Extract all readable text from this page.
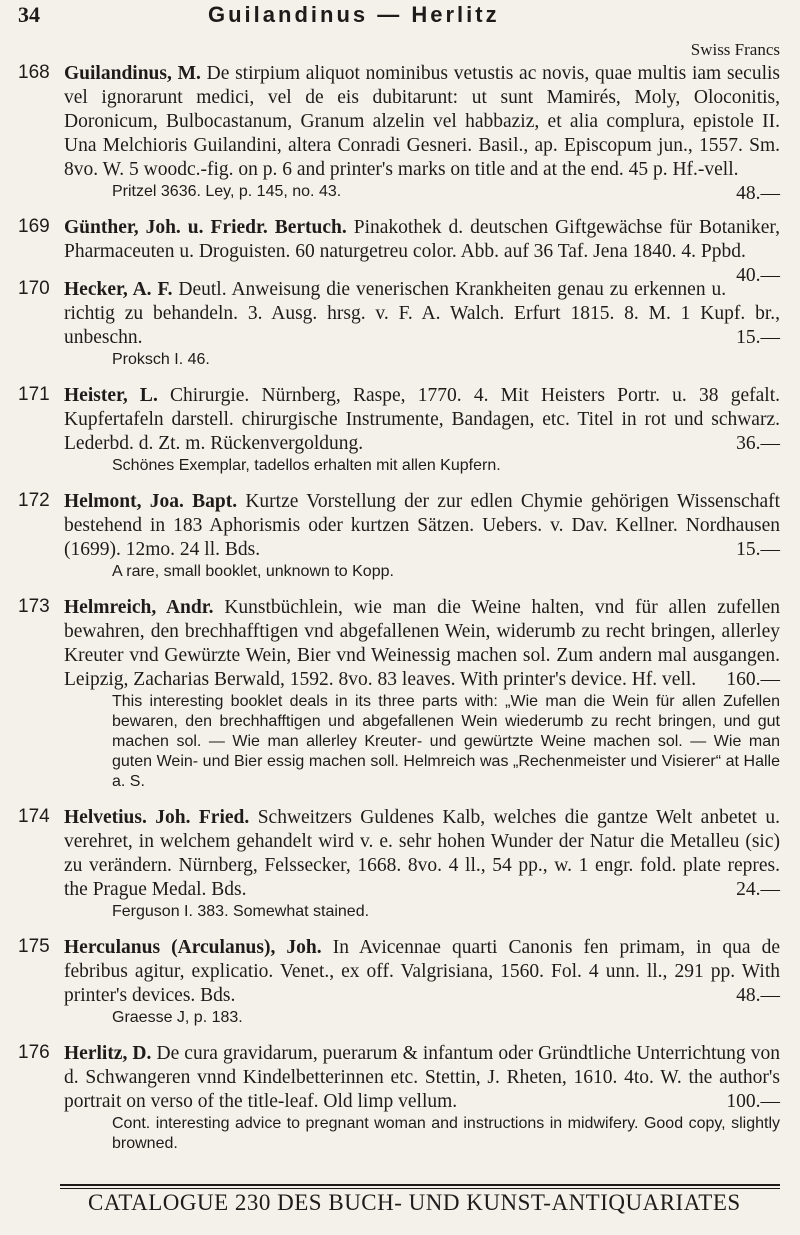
34	Guilandinus — Herlitz
Swiss Francs
168 Guilandinus, M. De stirpium aliquot nominibus vetustis ac novis, quae multis iam seculis vel ignorarunt medici, vel de eis dubitarunt: ut sunt Mamirés, Moly, Oloconitis, Doronicum, Bulbocastanum, Granum alzelin vel habbaziz, et alia complura, epistole II. Una Melchioris Guilandini, altera Conradi Gesneri. Basil., ap. Episcopum jun., 1557. Sm. 8vo. W. 5 woodc.-fig. on p. 6 and printer's marks on title and at the end. 45 p. Hf.-vell.
48.—
Pritzel 3636. Ley, p. 145, no. 43.
169 Günther, Joh. u. Friedr. Bertuch. Pinakothek d. deutschen Giftgewächse für Botaniker, Pharmaceuten u. Droguisten. 60 naturgetreu color. Abb. auf 36 Taf. Jena 1840. 4. Ppbd.
40.—
170 Hecker, A. F. Deutl. Anweisung die venerischen Krankheiten genau zu erkennen u. richtig zu behandeln. 3. Ausg. hrsg. v. F. A. Walch. Erfurt 1815. 8. M. 1 Kupf. br., unbeschn.	15.—
Proksch I. 46.
171 Heister, L. Chirurgie. Nürnberg, Raspe, 1770. 4. Mit Heisters Portr. u. 38 gefalt. Kupfertafeln darstell. chirurgische Instrumente, Bandagen, etc. Titel in rot und schwarz. Lederbd. d. Zt. m. Rückenvergoldung.	36.—
Schönes Exemplar, tadellos erhalten mit allen Kupfern.
172 Helmont, Joa. Bapt. Kurtze Vorstellung der zur edlen Chymie gehörigen Wissenschaft bestehend in 183 Aphorismis oder kurtzen Sätzen. Uebers. v. Dav. Kellner. Nordhausen (1699). 12mo. 24 ll. Bds.	15.—
A rare, small booklet, unknown to Kopp.
173 Helmreich, Andr. Kunstbüchlein, wie man die Weine halten, vnd für allen zufellen bewahren, den brechhafftigen vnd abgefallenen Wein, widerumb zu recht bringen, allerley Kreuter vnd Gewürzte Wein, Bier vnd Weinessig machen sol. Zum andern mal ausgangen. Leipzig, Zacharias Berwald, 1592. 8vo. 83 leaves. With printer's device. Hf. vell. 160.—
This interesting booklet deals in its three parts with: „Wie man die Wein für allen Zufellen bewaren, den brechhafftigen und abgefallenen Wein wiederumb zu recht bringen, und gut machen sol. — Wie man allerley Kreuter- und gewürtzte Weine machen sol. — Wie man guten Wein- und Bier essig machen soll. Helmreich was „Rechenmeister und Visierer“ at Halle a. S.
174 Helvetius. Joh. Fried. Schweitzers Guldenes Kalb, welches die gantze Welt anbetet u. verehret, in welchem gehandelt wird v. e. sehr hohen Wunder der Natur die Metalleu (sic) zu verändern. Nürnberg, Felssecker, 1668. 8vo. 4 ll., 54 pp., w. 1 engr. fold. plate repres. the Prague Medal. Bds.	24.—
Ferguson I. 383. Somewhat stained.
175 Herculanus (Arculanus), Joh. In Avicennae quarti Canonis fen primam, in qua de febribus agitur, explicatio. Venet., ex off. Valgrisiana, 1560. Fol. 4 unn. ll., 291 pp. With printer's devices. Bds.	48.—
Graesse J, p. 183.
176 Herlitz, D. De cura gravidarum, puerarum & infantum oder Gründtliche Unterrichtung von d. Schwangeren vnnd Kindelbetterinnen etc. Stettin, J. Rheten, 1610. 4to. W. the author's portrait on verso of the title-leaf. Old limp vellum.	100.—
Cont. interesting advice to pregnant woman and instructions in midwifery. Good copy, slightly browned.
CATALOGUE 230 DES BUCH- UND KUNST-ANTIQUARIATES
